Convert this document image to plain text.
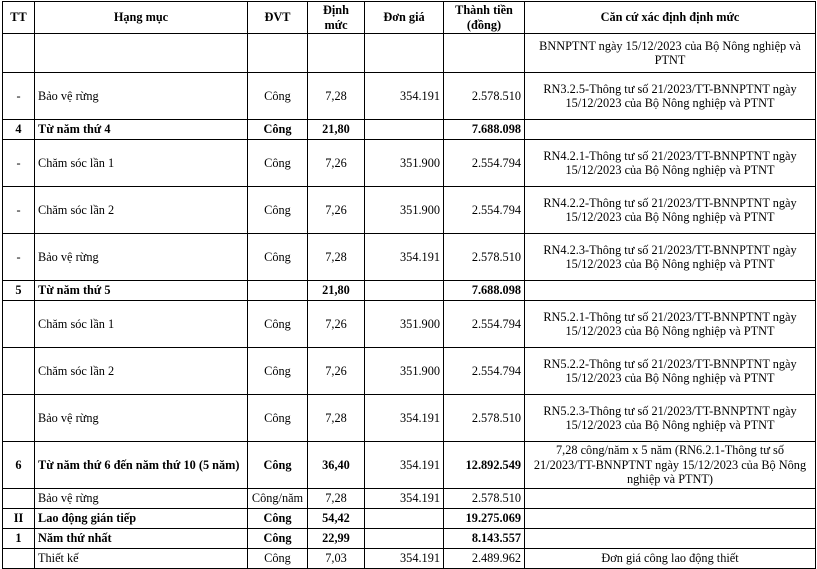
TT	Hạng mục	ĐVT	Định mức	Đơn giá	Thành tiền (đồng)	Căn cứ xác định định mức
						BNNPTNT ngày 15/12/2023 của Bộ Nông nghiệp và PTNT
-	Bảo vệ rừng	Công	7,28	354.191	2.578.510	RN3.2.5-Thông tư số 21/2023/TT-BNNPTNT ngày 15/12/2023 của Bộ Nông nghiệp và PTNT
4	Từ năm thứ 4	Công	21,80		7.688.098	
-	Chăm sóc lần 1	Công	7,26	351.900	2.554.794	RN4.2.1-Thông tư số 21/2023/TT-BNNPTNT ngày 15/12/2023 của Bộ Nông nghiệp và PTNT
-	Chăm sóc lần 2	Công	7,26	351.900	2.554.794	RN4.2.2-Thông tư số 21/2023/TT-BNNPTNT ngày 15/12/2023 của Bộ Nông nghiệp và PTNT
-	Bảo vệ rừng	Công	7,28	354.191	2.578.510	RN4.2.3-Thông tư số 21/2023/TT-BNNPTNT ngày 15/12/2023 của Bộ Nông nghiệp và PTNT
5	Từ năm thứ 5		21,80		7.688.098	
	Chăm sóc lần 1	Công	7,26	351.900	2.554.794	RN5.2.1-Thông tư số 21/2023/TT-BNNPTNT ngày 15/12/2023 của Bộ Nông nghiệp và PTNT
	Chăm sóc lần 2	Công	7,26	351.900	2.554.794	RN5.2.2-Thông tư số 21/2023/TT-BNNPTNT ngày 15/12/2023 của Bộ Nông nghiệp và PTNT
	Bảo vệ rừng	Công	7,28	354.191	2.578.510	RN5.2.3-Thông tư số 21/2023/TT-BNNPTNT ngày 15/12/2023 của Bộ Nông nghiệp và PTNT
6	Từ năm thứ 6 đến năm thứ 10 (5 năm)	Công	36,40	354.191	12.892.549	7,28 công/năm x 5 năm (RN6.2.1-Thông tư số 21/2023/TT-BNNPTNT ngày 15/12/2023 của Bộ Nông nghiệp và PTNT)
	Bảo vệ rừng	Công/năm	7,28	354.191	2.578.510	
II	Lao động gián tiếp	Công	54,42		19.275.069	
1	Năm thứ nhất	Công	22,99		8.143.557	
	Thiết kế	Công	7,03	354.191	2.489.962	Đơn giá công lao động thiết
